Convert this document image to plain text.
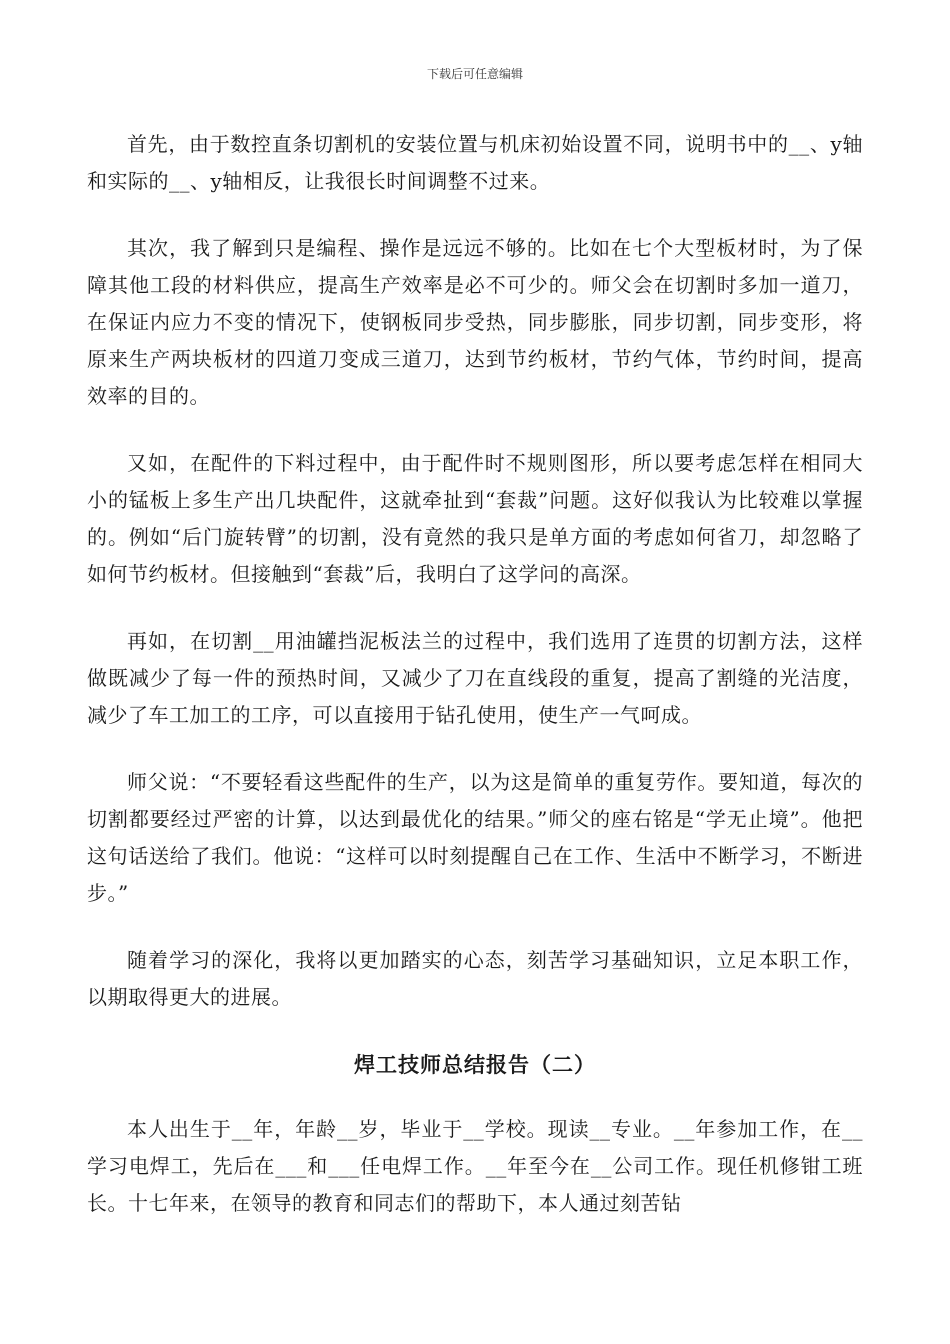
下载后可任意编辑

首先，由于数控直条切割机的安装位置与机床初始设置不同，说明书中的__、y轴和实际的__、y轴相反，让我很长时间调整不过来。

其次，我了解到只是编程、操作是远远不够的。比如在七个大型板材时，为了保障其他工段的材料供应，提高生产效率是必不可少的。师父会在切割时多加一道刀，在保证内应力不变的情况下，使钢板同步受热，同步膨胀，同步切割，同步变形，将原来生产两块板材的四道刀变成三道刀，达到节约板材，节约气体，节约时间，提高效率的目的。

又如，在配件的下料过程中，由于配件时不规则图形，所以要考虑怎样在相同大小的锰板上多生产出几块配件，这就牵扯到“套裁”问题。这好似我认为比较难以掌握的。例如“后门旋转臂”的切割，没有竟然的我只是单方面的考虑如何省刀，却忽略了如何节约板材。但接触到“套裁”后，我明白了这学问的高深。

再如，在切割__用油罐挡泥板法兰的过程中，我们选用了连贯的切割方法，这样做既减少了每一件的预热时间，又减少了刀在直线段的重复，提高了割缝的光洁度，减少了车工加工的工序，可以直接用于钻孔使用，使生产一气呵成。

师父说：“不要轻看这些配件的生产，以为这是简单的重复劳作。要知道，每次的切割都要经过严密的计算，以达到最优化的结果。”师父的座右铭是“学无止境”。他把这句话送给了我们。他说：“这样可以时刻提醒自己在工作、生活中不断学习，不断进步。”

随着学习的深化，我将以更加踏实的心态，刻苦学习基础知识，立足本职工作，以期取得更大的进展。

焊工技师总结报告（二）

本人出生于__年，年龄__岁，毕业于__学校。现读__专业。__年参加工作，在__学习电焊工，先后在___和___任电焊工作。__年至今在__公司工作。现任机修钳工班长。十七年来，在领导的教育和同志们的帮助下，本人通过刻苦钻
